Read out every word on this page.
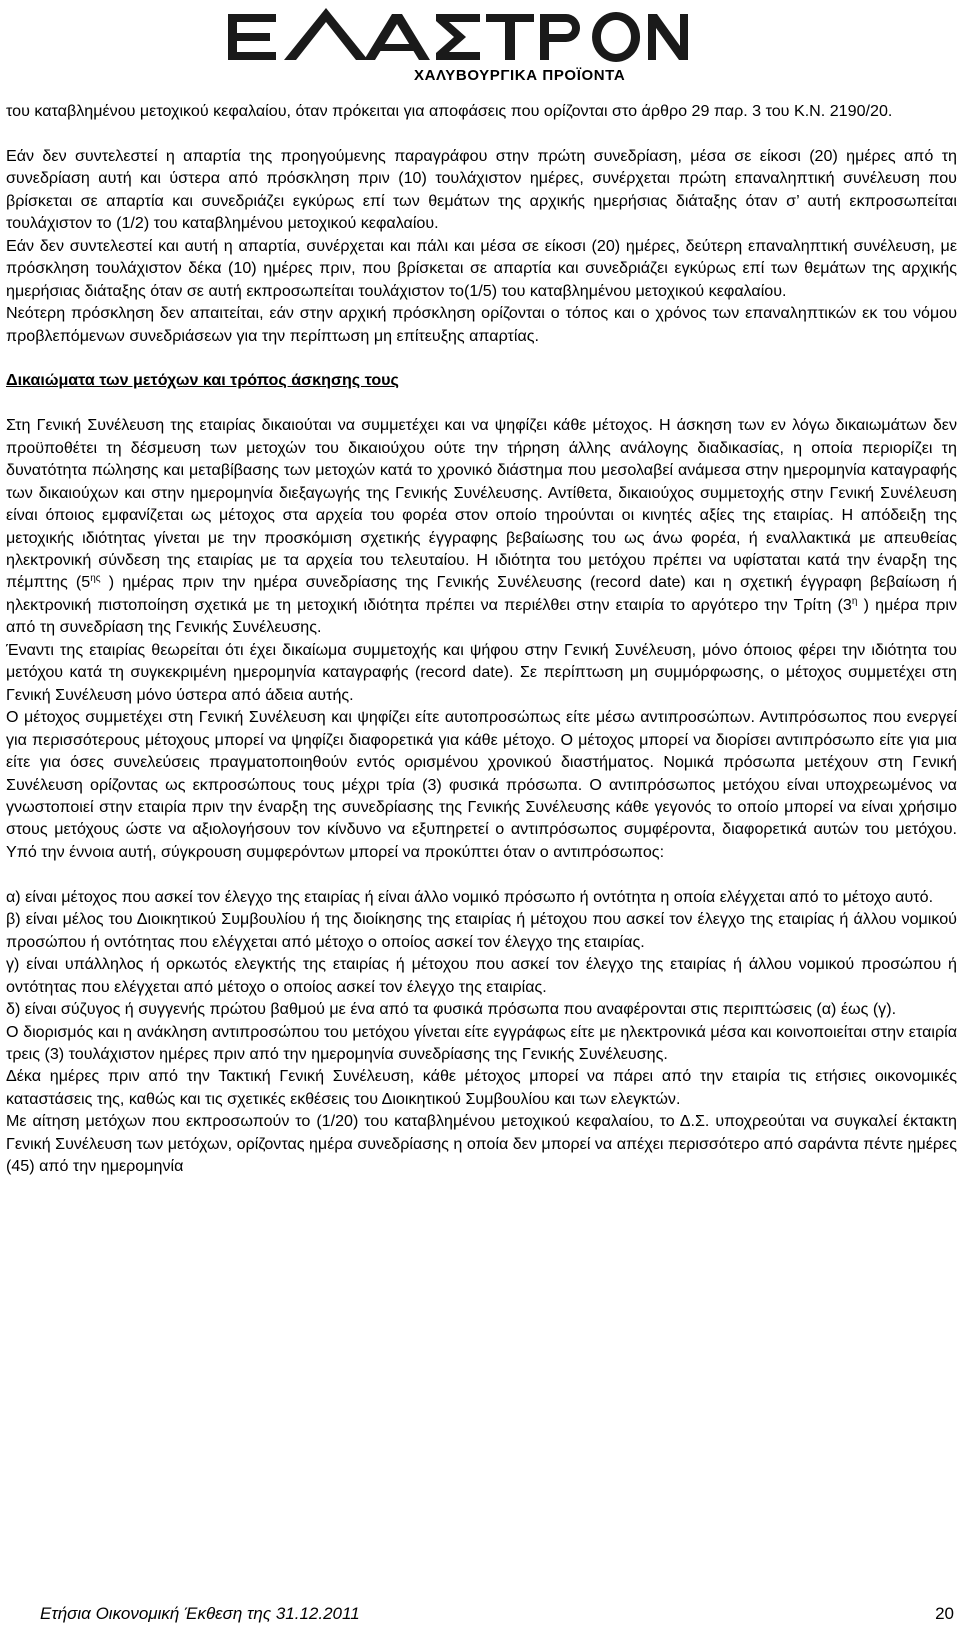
ΧΑΛΥΒΟΥΡΓΙΚΑ ΠΡΟΪΟΝΤΑ

του καταβλημένου μετοχικού κεφαλαίου, όταν πρόκειται για αποφάσεις που ορίζονται στο άρθρο 29 παρ. 3 του Κ.Ν. 2190/20.

Εάν δεν συντελεστεί η απαρτία της προηγούμενης παραγράφου στην πρώτη συνεδρίαση, μέσα σε είκοσι (20) ημέρες από τη συνεδρίαση αυτή και ύστερα από πρόσκληση πριν (10) τουλάχιστον ημέρες, συνέρχεται πρώτη επαναληπτική συνέλευση που βρίσκεται σε απαρτία και συνεδριάζει εγκύρως επί των θεμάτων της αρχικής ημερήσιας διάταξης όταν σ’ αυτή εκπροσωπείται τουλάχιστον το (1/2) του καταβλημένου μετοχικού κεφαλαίου.

Εάν δεν συντελεστεί και αυτή η απαρτία, συνέρχεται και πάλι και μέσα σε είκοσι (20) ημέρες, δεύτερη επαναληπτική συνέλευση, με πρόσκληση τουλάχιστον δέκα (10) ημέρες πριν, που βρίσκεται σε απαρτία και συνεδριάζει εγκύρως επί των θεμάτων της αρχικής ημερήσιας διάταξης όταν σε αυτή εκπροσωπείται τουλάχιστον το(1/5) του καταβλημένου μετοχικού κεφαλαίου.

Νεότερη πρόσκληση δεν απαιτείται, εάν στην αρχική πρόσκληση ορίζονται ο τόπος και ο χρόνος των επαναληπτικών εκ του νόμου προβλεπόμενων συνεδριάσεων για την περίπτωση μη επίτευξης απαρτίας.

Δικαιώματα των μετόχων και τρόπος άσκησης τους

Στη Γενική Συνέλευση της εταιρίας δικαιούται να συμμετέχει και να ψηφίζει κάθε μέτοχος. Η άσκηση των εν λόγω δικαιωμάτων δεν προϋποθέτει τη δέσμευση των μετοχών του δικαιούχου ούτε την τήρηση άλλης ανάλογης διαδικασίας, η οποία περιορίζει τη δυνατότητα πώλησης και μεταβίβασης των μετοχών κατά το χρονικό διάστημα που μεσολαβεί ανάμεσα στην ημερομηνία καταγραφής των δικαιούχων και στην ημερομηνία διεξαγωγής της Γενικής Συνέλευσης. Αντίθετα, δικαιούχος συμμετοχής στην Γενική Συνέλευση είναι όποιος εμφανίζεται ως μέτοχος στα αρχεία του φορέα στον οποίο τηρούνται οι κινητές αξίες της εταιρίας. Η απόδειξη της μετοχικής ιδιότητας γίνεται με την προσκόμιση σχετικής έγγραφης βεβαίωσης του ως άνω φορέα, ή εναλλακτικά με απευθείας ηλεκτρονική σύνδεση της εταιρίας με τα αρχεία του τελευταίου. Η ιδιότητα του μετόχου πρέπει να υφίσταται κατά την έναρξη της πέμπτης ($5^{\eta\varsigma}$ ) ημέρας πριν την ημέρα συνεδρίασης της Γενικής Συνέλευσης (record date) και η σχετική έγγραφη βεβαίωση ή ηλεκτρονική πιστοποίηση σχετικά με τη μετοχική ιδιότητα πρέπει να περιέλθει στην εταιρία το αργότερο την Τρίτη ($3^\eta$ ) ημέρα πριν από τη συνεδρίαση της Γενικής Συνέλευσης.

Έναντι της εταιρίας θεωρείται ότι έχει δικαίωμα συμμετοχής και ψήφου στην Γενική Συνέλευση, μόνο όποιος φέρει την ιδιότητα του μετόχου κατά τη συγκεκριμένη ημερομηνία καταγραφής (record date). Σε περίπτωση μη συμμόρφωσης, ο μέτοχος συμμετέχει στη Γενική Συνέλευση μόνο ύστερα από άδεια αυτής.

Ο μέτοχος συμμετέχει στη Γενική Συνέλευση και ψηφίζει είτε αυτοπροσώπως είτε μέσω αντιπροσώπων. Αντιπρόσωπος που ενεργεί για περισσότερους μέτοχους μπορεί να ψηφίζει διαφορετικά για κάθε μέτοχο. Ο μέτοχος μπορεί να διορίσει αντιπρόσωπο είτε για μια είτε για όσες συνελεύσεις πραγματοποιηθούν εντός ορισμένου χρονικού διαστήματος. Νομικά πρόσωπα μετέχουν στη Γενική Συνέλευση ορίζοντας ως εκπροσώπους τους μέχρι τρία (3) φυσικά πρόσωπα. Ο αντιπρόσωπος μετόχου είναι υποχρεωμένος να γνωστοποιεί στην εταιρία πριν την έναρξη της συνεδρίασης της Γενικής Συνέλευσης κάθε γεγονός το οποίο μπορεί να είναι χρήσιμο στους μετόχους ώστε να αξιολογήσουν τον κίνδυνο να εξυπηρετεί ο αντιπρόσωπος συμφέροντα, διαφορετικά αυτών του μετόχου. Υπό την έννοια αυτή, σύγκρουση συμφερόντων μπορεί να προκύπτει όταν ο αντιπρόσωπος:

α) είναι μέτοχος που ασκεί τον έλεγχο της εταιρίας ή είναι άλλο νομικό πρόσωπο ή οντότητα η οποία ελέγχεται από το μέτοχο αυτό.

β) είναι μέλος του Διοικητικού Συμβουλίου ή της διοίκησης της εταιρίας ή μέτοχου που ασκεί τον έλεγχο της εταιρίας ή άλλου νομικού προσώπου ή οντότητας που ελέγχεται από μέτοχο ο οποίος ασκεί τον έλεγχο της εταιρίας.

γ) είναι υπάλληλος ή ορκωτός ελεγκτής της εταιρίας ή μέτοχου που ασκεί τον έλεγχο της εταιρίας ή άλλου νομικού προσώπου ή οντότητας που ελέγχεται από μέτοχο ο οποίος ασκεί τον έλεγχο της εταιρίας.

δ) είναι σύζυγος ή συγγενής πρώτου βαθμού με ένα από τα φυσικά πρόσωπα που αναφέρονται στις περιπτώσεις (α) έως (γ).

Ο διορισμός και η ανάκληση αντιπροσώπου του μετόχου γίνεται είτε εγγράφως είτε με ηλεκτρονικά μέσα και κοινοποιείται στην εταιρία τρεις (3) τουλάχιστον ημέρες πριν από την ημερομηνία συνεδρίασης της Γενικής Συνέλευσης.

Δέκα ημέρες πριν από την Τακτική Γενική Συνέλευση, κάθε μέτοχος μπορεί να πάρει από την εταιρία τις ετήσιες οικονομικές καταστάσεις της, καθώς και τις σχετικές εκθέσεις του Διοικητικού Συμβουλίου και των ελεγκτών.

Με αίτηση μετόχων που εκπροσωπούν το (1/20) του καταβλημένου μετοχικού κεφαλαίου, το Δ.Σ. υποχρεούται να συγκαλεί έκτακτη Γενική Συνέλευση των μετόχων, ορίζοντας ημέρα συνεδρίασης η οποία δεν μπορεί να απέχει περισσότερο από σαράντα πέντε ημέρες (45) από την ημερομηνία

Ετήσια Οικονομική Έκθεση της 31.12.2011	20
